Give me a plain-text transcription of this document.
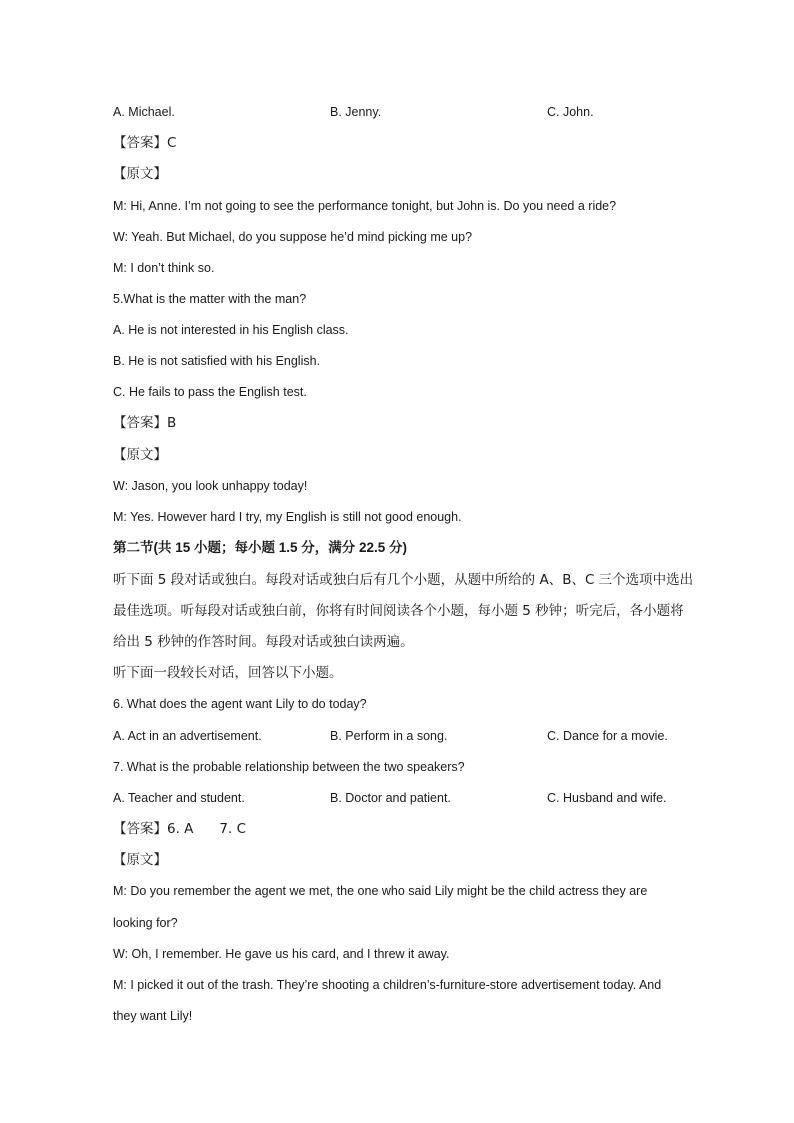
A. Michael.	B. Jenny.	C. John.
【答案】C
【原文】
M: Hi, Anne. I’m not going to see the performance tonight, but John is. Do you need a ride?
W: Yeah. But Michael, do you suppose he’d mind picking me up?
M: I don’t think so.
5.What is the matter with the man?
A. He is not interested in his English class.
B. He is not satisfied with his English.
C. He fails to pass the English test.
【答案】B
【原文】
W: Jason, you look unhappy today!
M: Yes. However hard I try, my English is still not good enough.
第二节(共 15 小题；每小题 1.5 分，满分 22.5 分)
听下面 5 段对话或独白。每段对话或独白后有几个小题，从题中所给的 A、B、C 三个选项中选出
最佳选项。听每段对话或独白前，你将有时间阅读各个小题，每小题 5 秒钟；听完后，各小题将
给出 5 秒钟的作答时间。每段对话或独白读两遍。
听下面一段较长对话，回答以下小题。
6. What does the agent want Lily to do today?
A. Act in an advertisement.	B. Perform in a song.	C. Dance for a movie.
7. What is the probable relationship between the two speakers?
A. Teacher and student.	B. Doctor and patient.	C. Husband and wife.
【答案】6. A 7. C
【原文】
M: Do you remember the agent we met, the one who said Lily might be the child actress they are
looking for?
W: Oh, I remember. He gave us his card, and I threw it away.
M: I picked it out of the trash. They’re shooting a children’s-furniture-store advertisement today. And
they want Lily!
